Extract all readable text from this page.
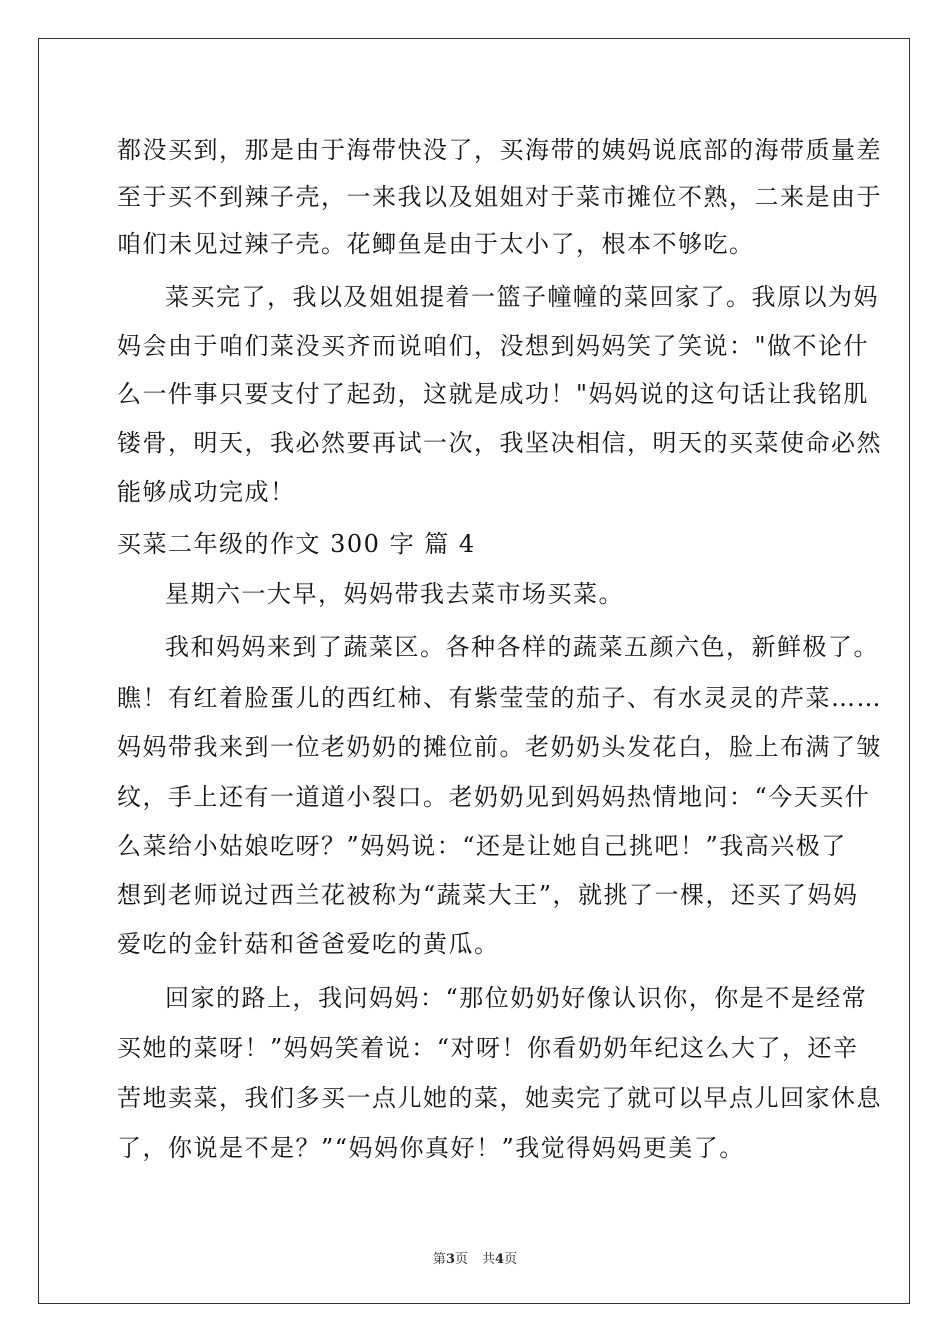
都没买到，那是由于海带快没了，买海带的姨妈说底部的海带质量差
至于买不到辣子壳，一来我以及姐姐对于菜市摊位不熟，二来是由于
咱们未见过辣子壳。花鲫鱼是由于太小了，根本不够吃。
菜买完了，我以及姐姐提着一篮子幢幢的菜回家了。我原以为妈
妈会由于咱们菜没买齐而说咱们，没想到妈妈笑了笑说："做不论什
么一件事只要支付了起劲，这就是成功！"妈妈说的这句话让我铭肌
镂骨，明天，我必然要再试一次，我坚决相信，明天的买菜使命必然
能够成功完成！
买菜二年级的作文 300 字 篇 4
星期六一大早，妈妈带我去菜市场买菜。
我和妈妈来到了蔬菜区。各种各样的蔬菜五颜六色，新鲜极了。
瞧！有红着脸蛋儿的西红柿、有紫莹莹的茄子、有水灵灵的芹菜……
妈妈带我来到一位老奶奶的摊位前。老奶奶头发花白，脸上布满了皱
纹，手上还有一道道小裂口。老奶奶见到妈妈热情地问：“今天买什
么菜给小姑娘吃呀？”妈妈说：“还是让她自己挑吧！”我高兴极了
想到老师说过西兰花被称为“蔬菜大王”，就挑了一棵，还买了妈妈
爱吃的金针菇和爸爸爱吃的黄瓜。
回家的路上，我问妈妈：“那位奶奶好像认识你，你是不是经常
买她的菜呀！”妈妈笑着说：“对呀！你看奶奶年纪这么大了，还辛
苦地卖菜，我们多买一点儿她的菜，她卖完了就可以早点儿回家休息
了，你说是不是？”“妈妈你真好！”我觉得妈妈更美了。
第3页 共4页
